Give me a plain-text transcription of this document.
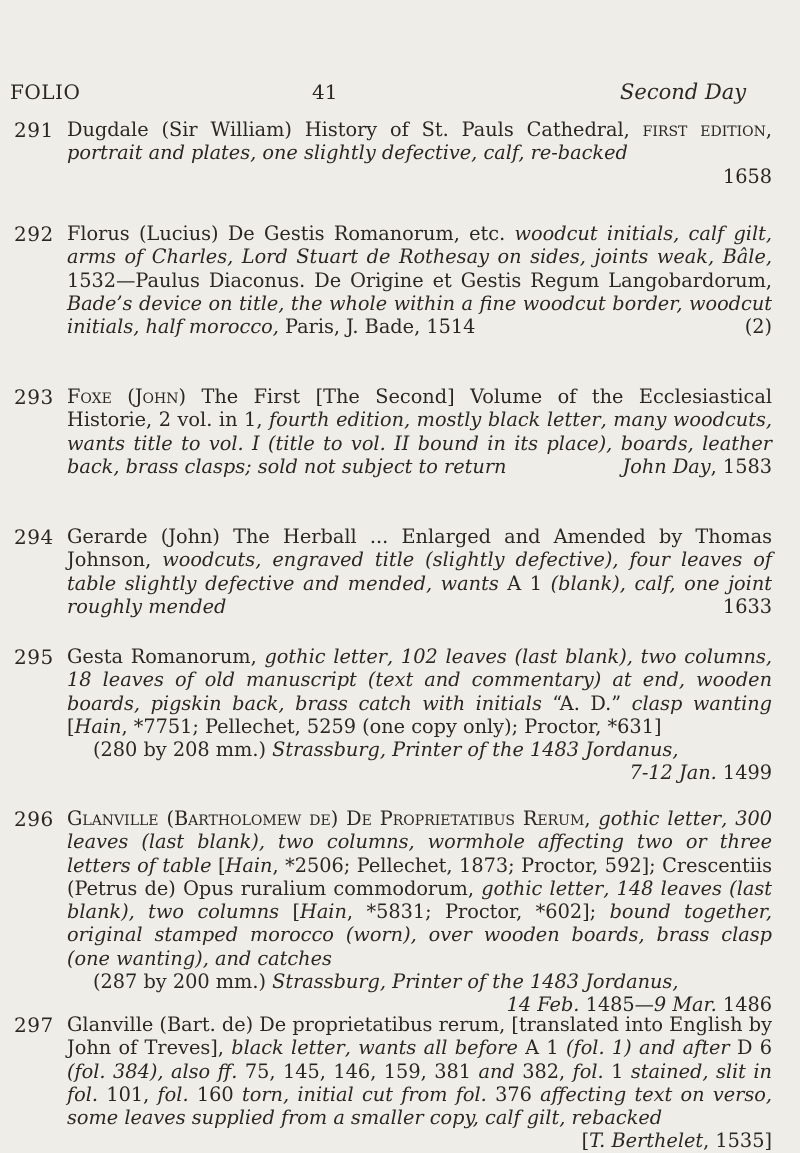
FOLIO	41	Second Day
291 Dugdale (Sir William) History of St. Pauls Cathedral, first edition, portrait and plates, one slightly defective, calf, re-backed

1658

292 Florus (Lucius) De Gestis Romanorum, etc. woodcut initials, calf gilt, arms of Charles, Lord Stuart de Rothesay on sides, joints weak, Bâle, 1532—Paulus Diaconus. De Origine et Gestis Regum Langobardorum, Bade’s device on title, the whole within a fine woodcut border, woodcut initials, half morocco, Paris, J. Bade, 1514	(2)

293 Foxe (John) The First [The Second] Volume of the Ecclesiastical Historie, 2 vol. in 1, fourth edition, mostly black letter, many woodcuts, wants title to vol. I (title to vol. II bound in its place), boards, leather back, brass clasps; sold not subject to return	John Day, 1583

294 Gerarde (John) The Herball ... Enlarged and Amended by Thomas Johnson, woodcuts, engraved title (slightly defective), four leaves of table slightly defective and mended, wants A 1 (blank), calf, one joint roughly mended	1633

295 Gesta Romanorum, gothic letter, 102 leaves (last blank), two columns, 18 leaves of old manuscript (text and commentary) at end, wooden boards, pigskin back, brass catch with initials “A. D.” clasp wanting [Hain, *7751; Pellechet, 5259 (one copy only); Proctor, *631]

(280 by 208 mm.) Strassburg, Printer of the 1483 Jordanus,

7-12 Jan. 1499

296 Glanville (Bartholomew de) De Proprietatibus Rerum, gothic letter, 300 leaves (last blank), two columns, wormhole affecting two or three letters of table [Hain, *2506; Pellechet, 1873; Proctor, 592]; Crescentiis (Petrus de) Opus ruralium commodorum, gothic letter, 148 leaves (last blank), two columns [Hain, *5831; Proctor, *602]; bound together, original stamped morocco (worn), over wooden boards, brass clasp (one wanting), and catches

(287 by 200 mm.) Strassburg, Printer of the 1483 Jordanus,

14 Feb. 1485—9 Mar. 1486

297 Glanville (Bart. de) De proprietatibus rerum, [translated into English by John of Treves], black letter, wants all before A 1 (fol. 1) and after D 6 (fol. 384), also ff. 75, 145, 146, 159, 381 and 382, fol. 1 stained, slit in fol. 101, fol. 160 torn, initial cut from fol. 376 affecting text on verso, some leaves supplied from a smaller copy, calf gilt, rebacked
[T. Berthelet, 1535]
